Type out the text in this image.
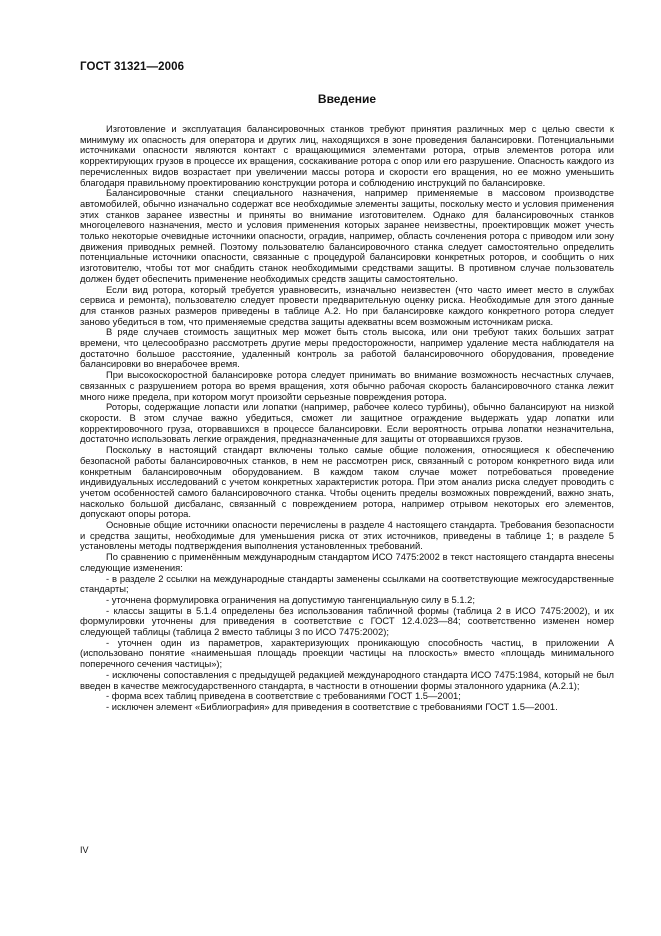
ГОСТ 31321—2006
Введение

Изготовление и эксплуатация балансировочных станков требуют принятия различных мер с целью свести к минимуму их опасность для оператора и других лиц, находящихся в зоне проведения балансировки. Потенциальными источниками опасности являются контакт с вращающимися элементами ротора, отрыв элементов ротора или корректирующих грузов в процессе их вращения, соскакивание ротора с опор или его разрушение. Опасность каждого из перечисленных видов возрастает при увеличении массы ротора и скорости его вращения, но ее можно уменьшить благодаря правильному проектированию конструкции ротора и соблюдению инструкций по балансировке.

Балансировочные станки специального назначения, например применяемые в массовом производстве автомобилей, обычно изначально содержат все необходимые элементы защиты, поскольку место и условия применения этих станков заранее известны и приняты во внимание изготовителем. Однако для балансировочных станков многоцелевого назначения, место и условия применения которых заранее неизвестны, проектировщик может учесть только некоторые очевидные источники опасности, оградив, например, область сочленения ротора с приводом или зону движения приводных ремней. Поэтому пользователю балансировочного станка следует самостоятельно определить потенциальные источники опасности, связанные с процедурой балансировки конкретных роторов, и сообщить о них изготовителю, чтобы тот мог снабдить станок необходимыми средствами защиты. В противном случае пользователь должен будет обеспечить применение необходимых средств защиты самостоятельно.

Если вид ротора, который требуется уравновесить, изначально неизвестен (что часто имеет место в службах сервиса и ремонта), пользователю следует провести предварительную оценку риска. Необходимые для этого данные для станков разных размеров приведены в таблице А.2. Но при балансировке каждого конкретного ротора следует заново убедиться в том, что применяемые средства защиты адекватны всем возможным источникам риска.

В ряде случаев стоимость защитных мер может быть столь высока, или они требуют таких больших затрат времени, что целесообразно рассмотреть другие меры предосторожности, например удаление места наблюдателя на достаточно большое расстояние, удаленный контроль за работой балансировочного оборудования, проведение балансировки во внерабочее время.

При высокоскоростной балансировке ротора следует принимать во внимание возможность несчастных случаев, связанных с разрушением ротора во время вращения, хотя обычно рабочая скорость балансировочного станка лежит много ниже предела, при котором могут произойти серьезные повреждения ротора.

Роторы, содержащие лопасти или лопатки (например, рабочее колесо турбины), обычно балансируют на низкой скорости. В этом случае важно убедиться, сможет ли защитное ограждение выдержать удар лопатки или корректировочного груза, оторвавшихся в процессе балансировки. Если вероятность отрыва лопатки незначительна, достаточно использовать легкие ограждения, предназначенные для защиты от оторвавшихся грузов.

Поскольку в настоящий стандарт включены только самые общие положения, относящиеся к обеспечению безопасной работы балансировочных станков, в нем не рассмотрен риск, связанный с ротором конкретного вида или конкретным балансировочным оборудованием. В каждом таком случае может потребоваться проведение индивидуальных исследований с учетом конкретных характеристик ротора. При этом анализ риска следует проводить с учетом особенностей самого балансировочного станка. Чтобы оценить пределы возможных повреждений, важно знать, насколько большой дисбаланс, связанный с повреждением ротора, например отрывом некоторых его элементов, допускают опоры ротора.

Основные общие источники опасности перечислены в разделе 4 настоящего стандарта. Требования безопасности и средства защиты, необходимые для уменьшения риска от этих источников, приведены в таблице 1; в разделе 5 установлены методы подтверждения выполнения установленных требований.

По сравнению с применённым международным стандартом ИСО 7475:2002 в текст настоящего стандарта внесены следующие изменения:

- в разделе 2 ссылки на международные стандарты заменены ссылками на соответствующие межгосударственные стандарты;
- уточнена формулировка ограничения на допустимую тангенциальную силу в 5.1.2;
- классы защиты в 5.1.4 определены без использования табличной формы (таблица 2 в ИСО 7475:2002), и их формулировки уточнены для приведения в соответствие с ГОСТ 12.4.023—84; соответственно изменен номер следующей таблицы (таблица 2 вместо таблицы 3 по ИСО 7475:2002);
- уточнен один из параметров, характеризующих проникающую способность частиц, в приложении А (использовано понятие «наименьшая площадь проекции частицы на плоскость» вместо «площадь минимального поперечного сечения частицы»);
- исключены сопоставления с предыдущей редакцией международного стандарта ИСО 7475:1984, который не был введен в качестве межгосударственного стандарта, в частности в отношении формы эталонного ударника (А.2.1);
- форма всех таблиц приведена в соответствие с требованиями ГОСТ 1.5—2001;
- исключен элемент «Библиография» для приведения в соответствие с требованиями ГОСТ 1.5—2001.
IV
